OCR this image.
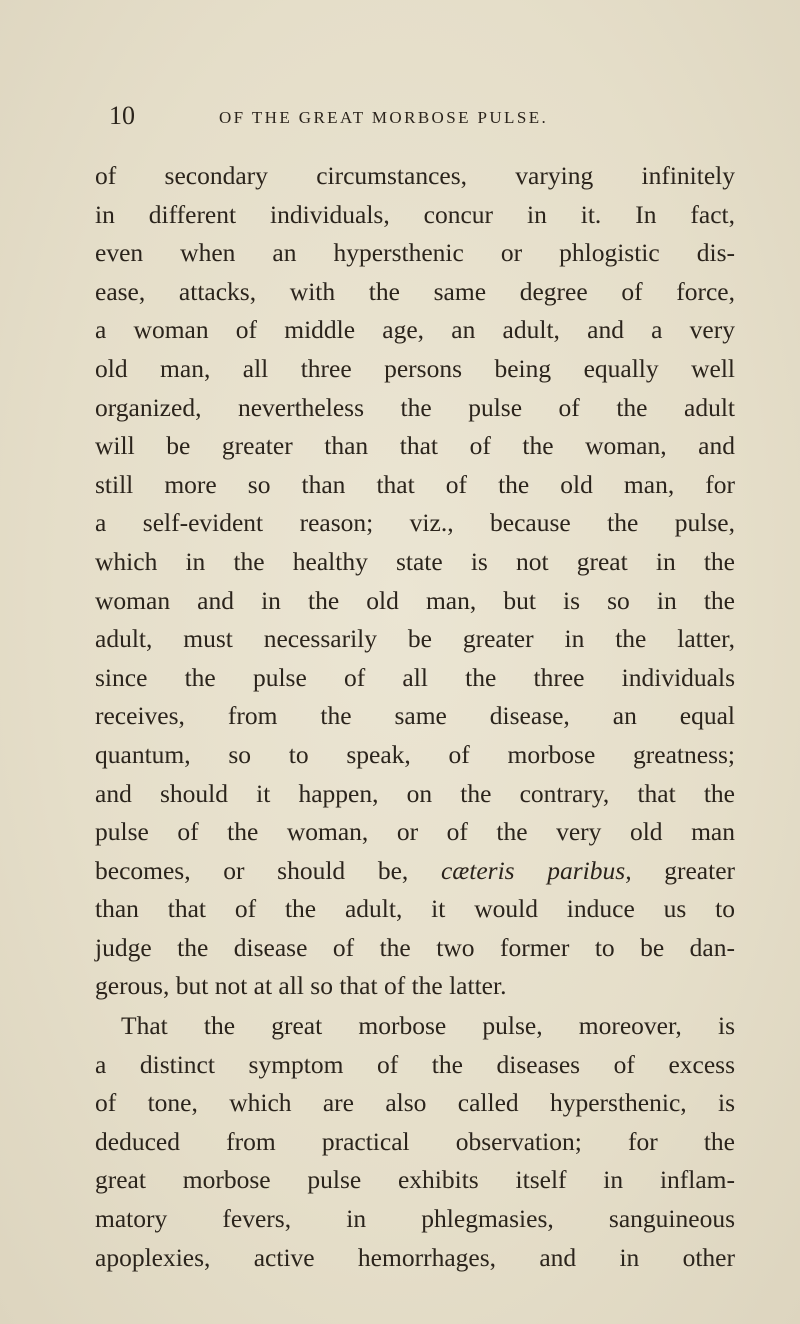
10	OF THE GREAT MORBOSE PULSE.
of secondary circumstances, varying infinitely
in different individuals, concur in it. In fact,
even when an hypersthenic or phlogistic dis-
ease, attacks, with the same degree of force,
a woman of middle age, an adult, and a very
old man, all three persons being equally well
organized, nevertheless the pulse of the adult
will be greater than that of the woman, and
still more so than that of the old man, for
a self-evident reason; viz., because the pulse,
which in the healthy state is not great in the
woman and in the old man, but is so in the
adult, must necessarily be greater in the latter,
since the pulse of all the three individuals
receives, from the same disease, an equal
quantum, so to speak, of morbose greatness;
and should it happen, on the contrary, that the
pulse of the woman, or of the very old man
becomes, or should be, cæteris paribus, greater
than that of the adult, it would induce us to
judge the disease of the two former to be dan-
gerous, but not at all so that of the latter.
That the great morbose pulse, moreover, is
a distinct symptom of the diseases of excess
of tone, which are also called hypersthenic, is
deduced from practical observation; for the
great morbose pulse exhibits itself in inflam-
matory fevers, in phlegmasies, sanguineous
apoplexies, active hemorrhages, and in other
